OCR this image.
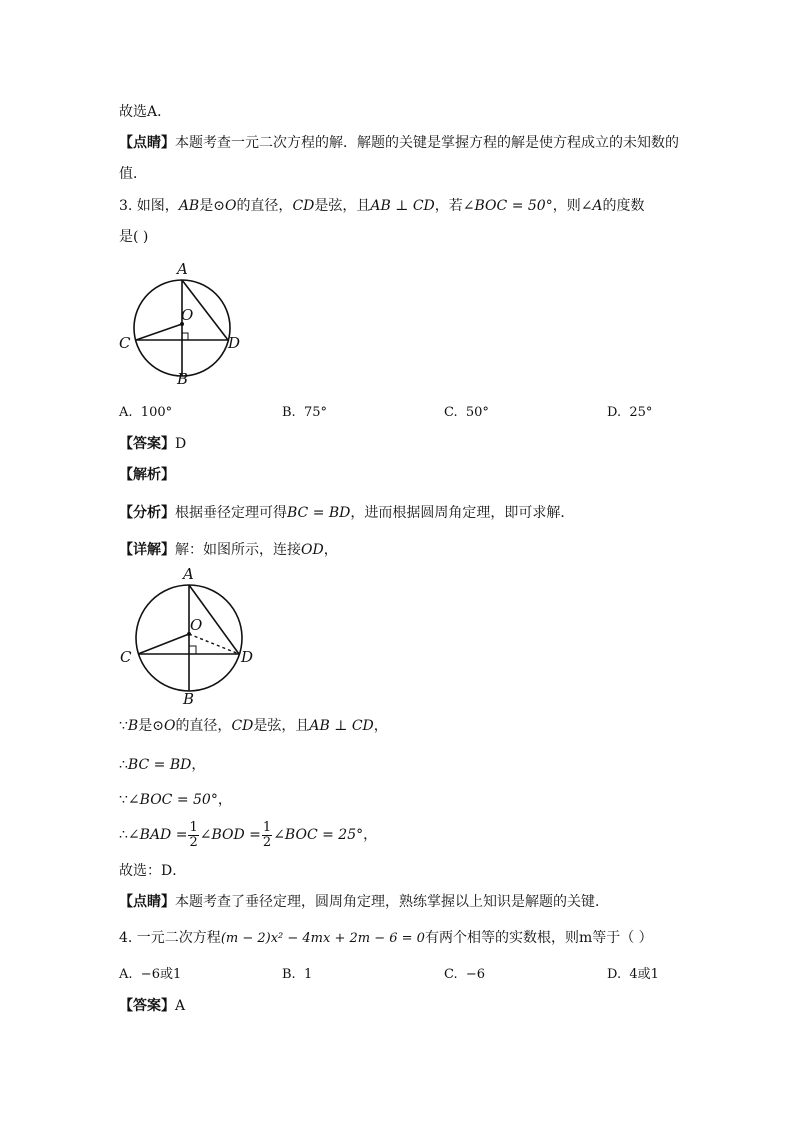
故选A．
【点睛】本题考查一元二次方程的解．解题的关键是掌握方程的解是使方程成立的未知数的
值．
3. 如图，AB是⊙O的直径，CD是弦，且AB ⊥ CD，若∠BOC = 50°，则∠A的度数
是( )
A
O
C	D
B
A. 100°	B. 75°	C. 50°	D. 25°
【答案】D
【解析】
【分析】根据垂径定理可得BC = BD，进而根据圆周角定理，即可求解．
【详解】解：如图所示，连接OD，
A
O
C	D
B
∵B是⊙O的直径，CD是弦，且AB ⊥ CD，
∴BC = BD，
∵∠BOC = 50°，
∴∠BAD = $\frac{1}{2}$ ∠BOD = $\frac{1}{2}$ ∠BOC = 25°，
故选：D．
【点睛】本题考查了垂径定理，圆周角定理，熟练掌握以上知识是解题的关键．
4. 一元二次方程(m − 2)x² − 4mx + 2m − 6 = 0有两个相等的实数根，则m等于（ ）
A. −6或1	B. 1	C. −6	D. 4或1
【答案】A
